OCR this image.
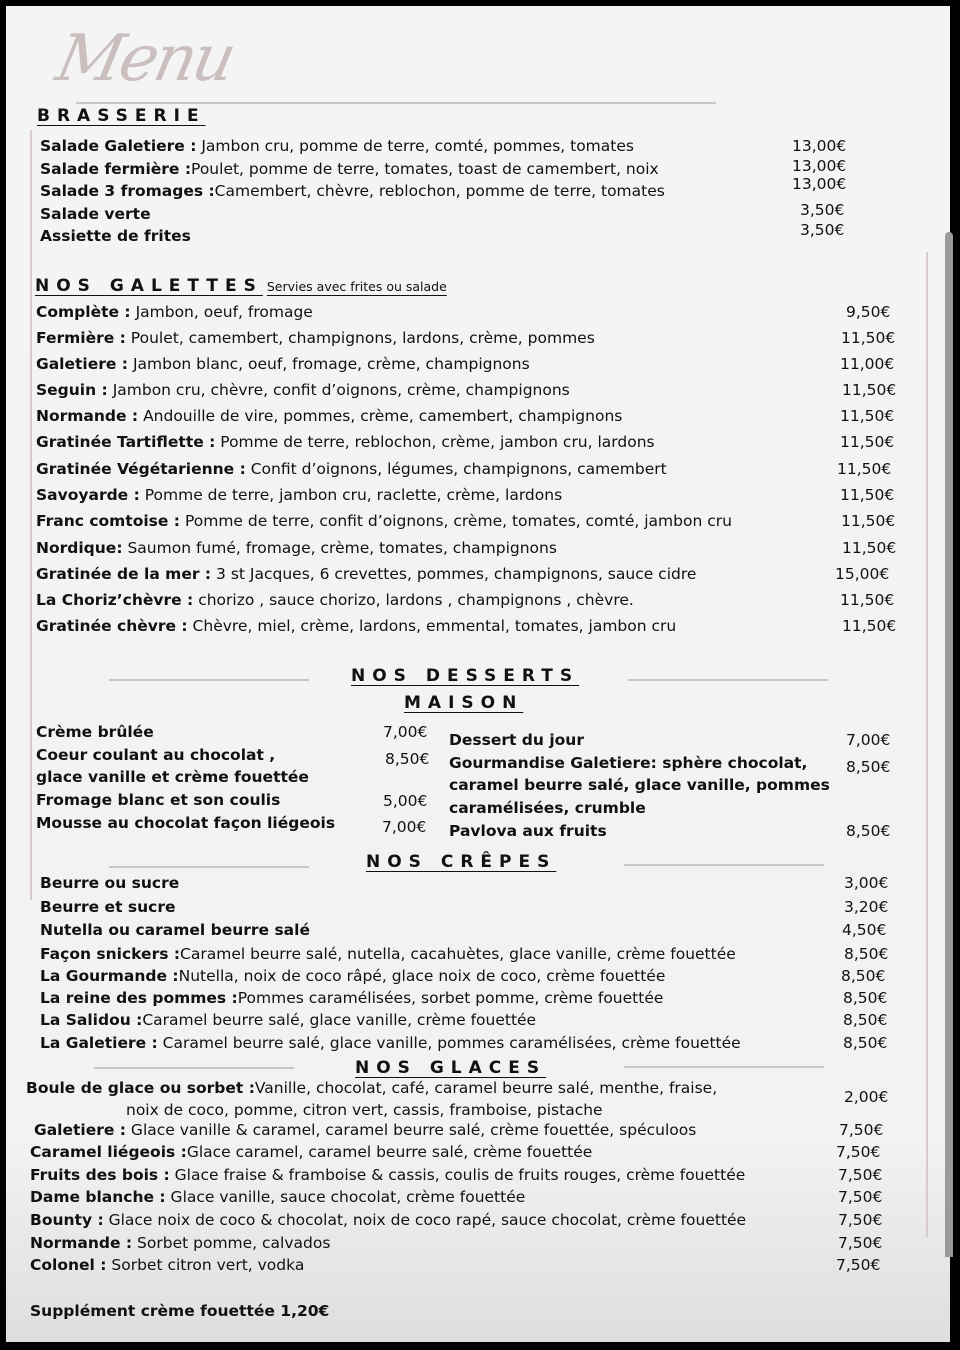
Menu
BRASSERIE
Salade Galetiere : Jambon cru, pomme de terre, comté, pommes, tomates	13,00€
Salade fermière :Poulet, pomme de terre, tomates, toast de camembert, noix	13,00€
Salade 3 fromages :Camembert, chèvre, reblochon, pomme de terre, tomates	13,00€
Salade verte	3,50€
Assiette de frites	3,50€
NOS GALETTES Servies avec frites ou salade
Complète : Jambon, oeuf, fromage	9,50€
Fermière : Poulet, camembert, champignons, lardons, crème, pommes	11,50€
Galetiere : Jambon blanc, oeuf, fromage, crème, champignons	11,00€
Seguin : Jambon cru, chèvre, confit d’oignons, crème, champignons	11,50€
Normande : Andouille de vire, pommes, crème, camembert, champignons	11,50€
Gratinée Tartiflette : Pomme de terre, reblochon, crème, jambon cru, lardons	11,50€
Gratinée Végétarienne : Confit d’oignons, légumes, champignons, camembert	11,50€
Savoyarde : Pomme de terre, jambon cru, raclette, crème, lardons	11,50€
Franc comtoise : Pomme de terre, confit d’oignons, crème, tomates, comté, jambon cru	11,50€
Nordique: Saumon fumé, fromage, crème, tomates, champignons	11,50€
Gratinée de la mer : 3 st Jacques, 6 crevettes, pommes, champignons, sauce cidre	15,00€
La Choriz’chèvre : chorizo , sauce chorizo, lardons , champignons , chèvre.	11,50€
Gratinée chèvre : Chèvre, miel, crème, lardons, emmental, tomates, jambon cru	11,50€
NOS DESSERTS
MAISON
Crème brûlée	7,00€
Coeur coulant au chocolat ,	8,50€
glace vanille et crème fouettée
Fromage blanc et son coulis	5,00€
Mousse au chocolat façon liégeois	7,00€
Dessert du jour	7,00€
Gourmandise Galetiere: sphère chocolat, 8,50€
caramel beurre salé, glace vanille, pommes
caramélisées, crumble
Pavlova aux fruits	8,50€
NOS CRÊPES
Beurre ou sucre	3,00€
Beurre et sucre	3,20€
Nutella ou caramel beurre salé	4,50€
Façon snickers :Caramel beurre salé, nutella, cacahuètes, glace vanille, crème fouettée	8,50€
La Gourmande :Nutella, noix de coco râpé, glace noix de coco, crème fouettée	8,50€
La reine des pommes :Pommes caramélisées, sorbet pomme, crème fouettée	8,50€
La Salidou :Caramel beurre salé, glace vanille, crème fouettée	8,50€
La Galetiere : Caramel beurre salé, glace vanille, pommes caramélisées, crème fouettée	8,50€
NOS GLACES
Boule de glace ou sorbet :Vanille, chocolat, café, caramel beurre salé, menthe, fraise,
noix de coco, pomme, citron vert, cassis, framboise, pistache
2,00€
Galetiere : Glace vanille & caramel, caramel beurre salé, crème fouettée, spéculoos	7,50€
Caramel liégeois :Glace caramel, caramel beurre salé, crème fouettée	7,50€
Fruits des bois : Glace fraise & framboise & cassis, coulis de fruits rouges, crème fouettée	7,50€
Dame blanche : Glace vanille, sauce chocolat, crème fouettée	7,50€
Bounty : Glace noix de coco & chocolat, noix de coco rapé, sauce chocolat, crème fouettée	7,50€
Normande : Sorbet pomme, calvados	7,50€
Colonel : Sorbet citron vert, vodka	7,50€
Supplément crème fouettée 1,20€
